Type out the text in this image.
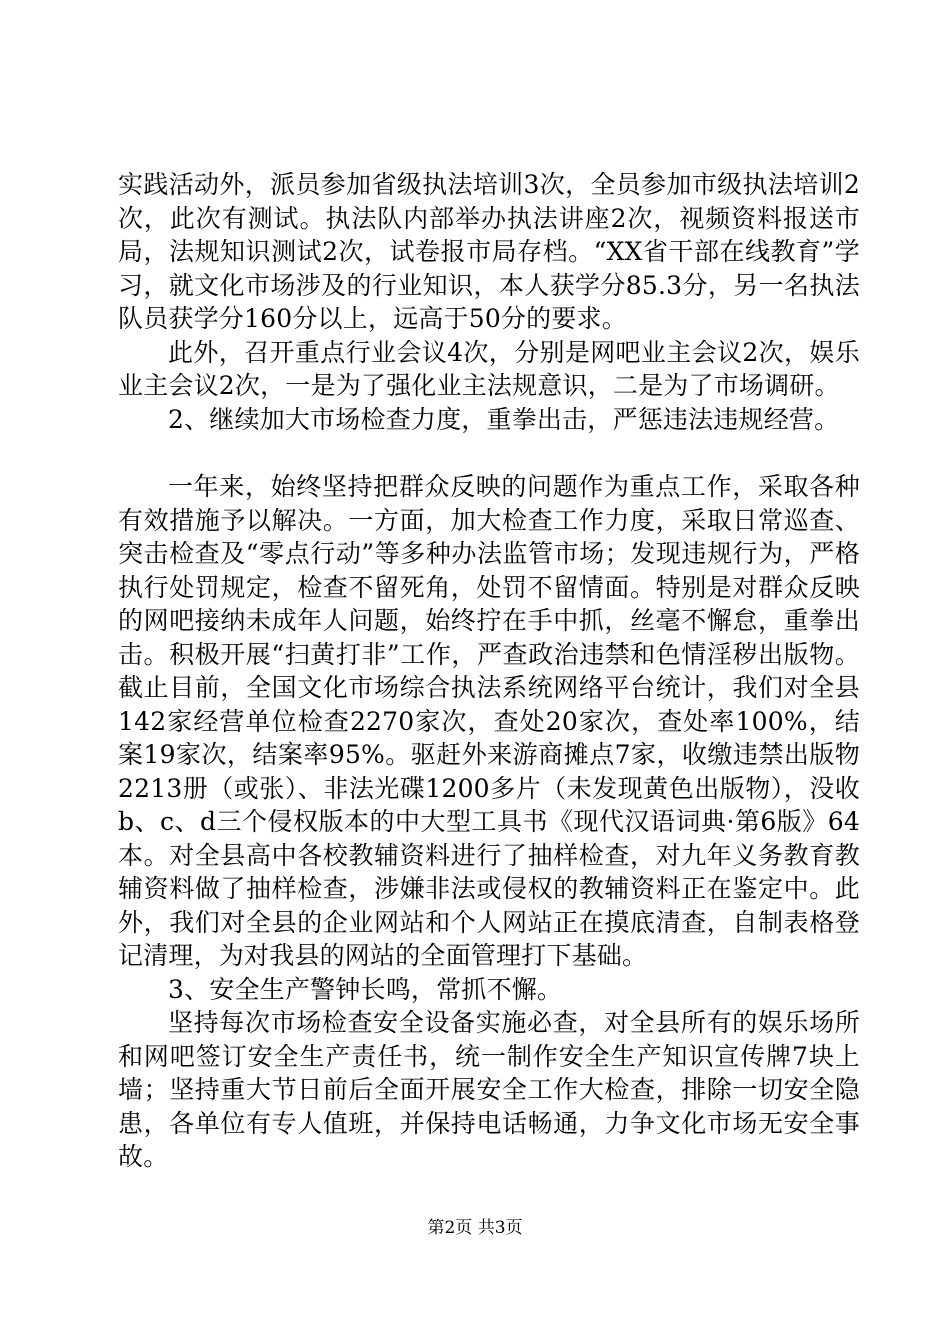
实践活动外，派员参加省级执法培训3次，全员参加市级执法培训2次，此次有测试。执法队内部举办执法讲座2次，视频资料报送市局，法规知识测试2次，试卷报市局存档。“XX省干部在线教育”学习，就文化市场涉及的行业知识，本人获学分85.3分，另一名执法队员获学分160分以上，远高于50分的要求。

此外，召开重点行业会议4次，分别是网吧业主会议2次，娱乐业主会议2次，一是为了强化业主法规意识，二是为了市场调研。

2、继续加大市场检查力度，重拳出击，严惩违法违规经营。

一年来，始终坚持把群众反映的问题作为重点工作，采取各种有效措施予以解决。一方面，加大检查工作力度，采取日常巡查、突击检查及“零点行动”等多种办法监管市场；发现违规行为，严格执行处罚规定，检查不留死角，处罚不留情面。特别是对群众反映的网吧接纳未成年人问题，始终拧在手中抓，丝毫不懈怠，重拳出击。积极开展“扫黄打非”工作，严查政治违禁和色情淫秽出版物。截止目前，全国文化市场综合执法系统网络平台统计，我们对全县142家经营单位检查2270家次，查处20家次，查处率100%，结案19家次，结案率95%。驱赶外来游商摊点7家，收缴违禁出版物2213册（或张）、非法光碟1200多片（未发现黄色出版物），没收b、c、d三个侵权版本的中大型工具书《现代汉语词典·第6版》64本。对全县高中各校教辅资料进行了抽样检查，对九年义务教育教辅资料做了抽样检查，涉嫌非法或侵权的教辅资料正在鉴定中。此外，我们对全县的企业网站和个人网站正在摸底清查，自制表格登记清理，为对我县的网站的全面管理打下基础。

3、安全生产警钟长鸣，常抓不懈。

坚持每次市场检查安全设备实施必查，对全县所有的娱乐场所和网吧签订安全生产责任书，统一制作安全生产知识宣传牌7块上墙；坚持重大节日前后全面开展安全工作大检查，排除一切安全隐患，各单位有专人值班，并保持电话畅通，力争文化市场无安全事故。

第2页 共3页
